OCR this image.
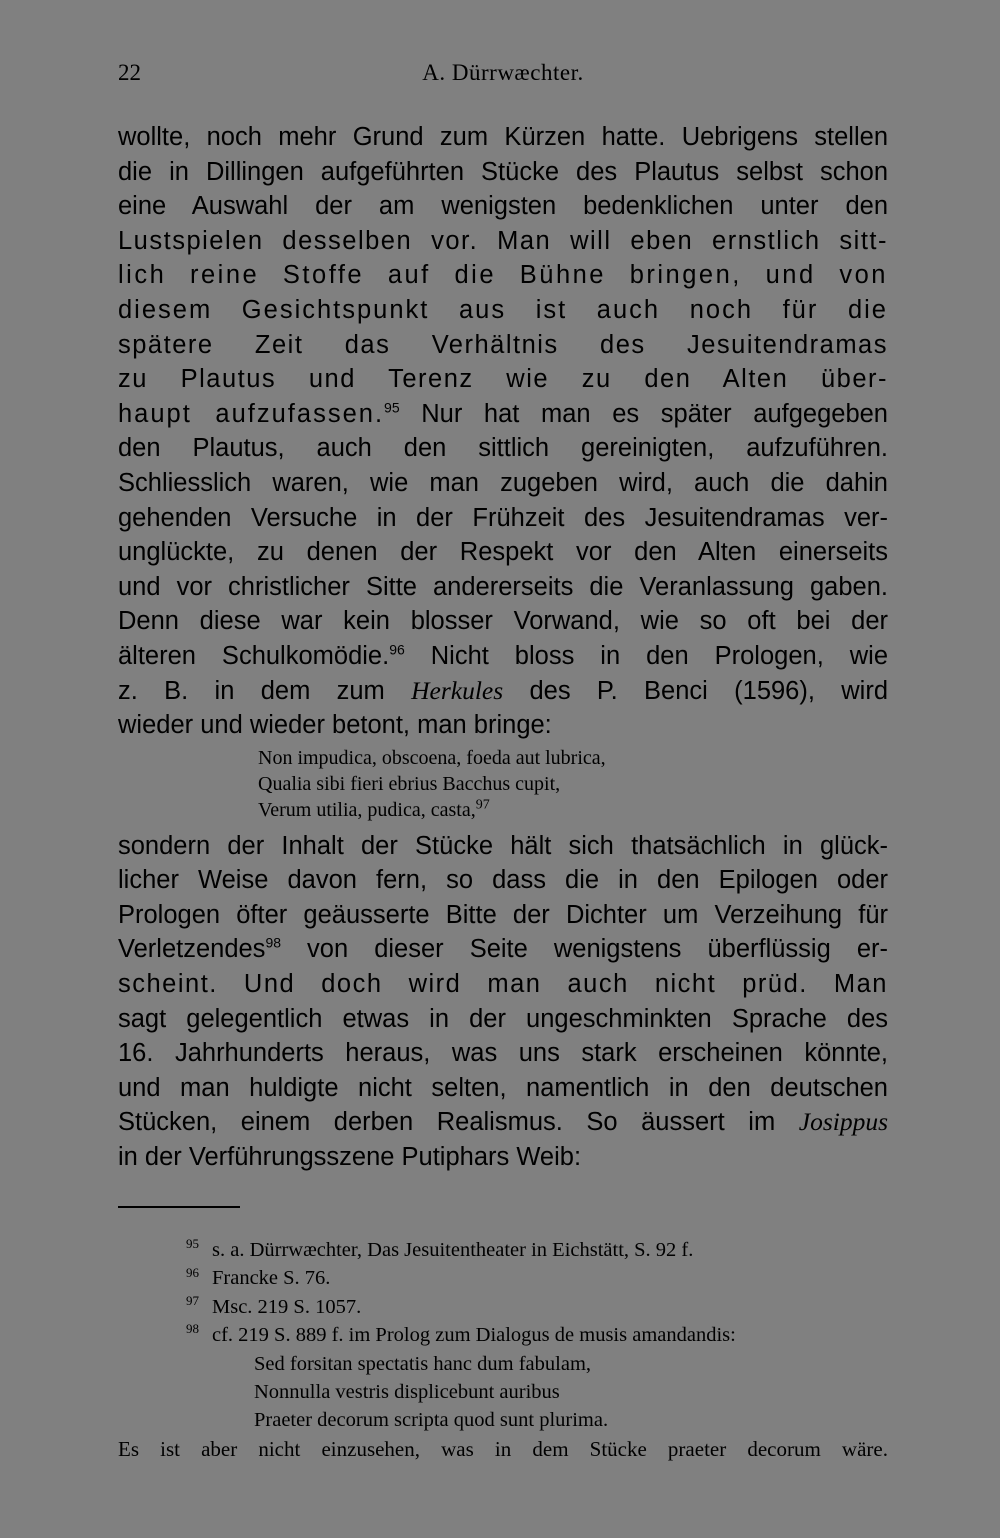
22	A. Dürrwæchter.
wollte, noch mehr Grund zum Kürzen hatte. Uebrigens stellen
die in Dillingen aufgeführten Stücke des Plautus selbst schon
eine Auswahl der am wenigsten bedenklichen unter den
Lustspielen desselben vor. Man will eben ernstlich sitt-
lich reine Stoffe auf die Bühne bringen, und von
diesem Gesichtspunkt aus ist auch noch für die
spätere Zeit das Verhältnis des Jesuitendramas
zu Plautus und Terenz wie zu den Alten über-
haupt aufzufassen.$^{95}$ Nur hat man es später aufgegeben
den Plautus, auch den sittlich gereinigten, aufzuführen.
Schliesslich waren, wie man zugeben wird, auch die dahin
gehenden Versuche in der Frühzeit des Jesuitendramas ver-
unglückte, zu denen der Respekt vor den Alten einerseits
und vor christlicher Sitte andererseits die Veranlassung gaben.
Denn diese war kein blosser Vorwand, wie so oft bei der
älteren Schulkomödie.$^{96}$ Nicht bloss in den Prologen, wie
z. B. in dem zum Herkules des P. Benci (1596), wird
wieder und wieder betont, man bringe:
Non impudica, obscoena, foeda aut lubrica,
Qualia sibi fieri ebrius Bacchus cupit,
Verum utilia, pudica, casta,$^{97}$
sondern der Inhalt der Stücke hält sich thatsächlich in glück-
licher Weise davon fern, so dass die in den Epilogen oder
Prologen öfter geäusserte Bitte der Dichter um Verzeihung für
Verletzendes$^{98}$ von dieser Seite wenigstens überflüssig er-
scheint. Und doch wird man auch nicht prüd. Man
sagt gelegentlich etwas in der ungeschminkten Sprache des
16. Jahrhunderts heraus, was uns stark erscheinen könnte,
und man huldigte nicht selten, namentlich in den deutschen
Stücken, einem derben Realismus. So äussert im Josippus
in der Verführungsszene Putiphars Weib:
95 s. a. Dürrwæchter, Das Jesuitentheater in Eichstätt, S. 92 f.
96 Francke S. 76.
97 Msc. 219 S. 1057.
98 cf. 219 S. 889 f. im Prolog zum Dialogus de musis amandandis:
Sed forsitan spectatis hanc dum fabulam,
Nonnulla vestris displicebunt auribus
Praeter decorum scripta quod sunt plurima.
Es ist aber nicht einzusehen, was in dem Stücke praeter decorum wäre.
